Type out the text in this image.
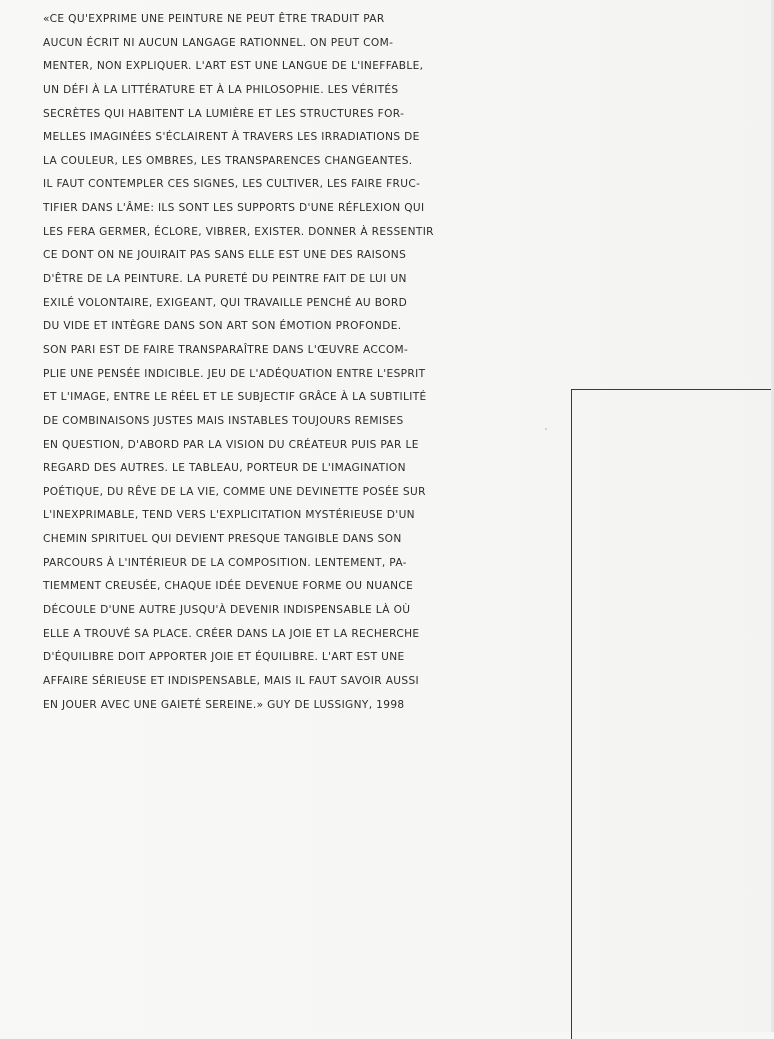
«CE QU'EXPRIME UNE PEINTURE NE PEUT ÊTRE TRADUIT PAR
AUCUN ÉCRIT NI AUCUN LANGAGE RATIONNEL. ON PEUT COM-
MENTER, NON EXPLIQUER. L'ART EST UNE LANGUE DE L'INEFFABLE,
UN DÉFI À LA LITTÉRATURE ET À LA PHILOSOPHIE. LES VÉRITÉS
SECRÈTES QUI HABITENT LA LUMIÈRE ET LES STRUCTURES FOR-
MELLES IMAGINÉES S'ÉCLAIRENT À TRAVERS LES IRRADIATIONS DE
LA COULEUR, LES OMBRES, LES TRANSPARENCES CHANGEANTES.
IL FAUT CONTEMPLER CES SIGNES, LES CULTIVER, LES FAIRE FRUC-
TIFIER DANS L'ÂME: ILS SONT LES SUPPORTS D'UNE RÉFLEXION QUI
LES FERA GERMER, ÉCLORE, VIBRER, EXISTER. DONNER À RESSENTIR
CE DONT ON NE JOUIRAIT PAS SANS ELLE EST UNE DES RAISONS
D'ÊTRE DE LA PEINTURE. LA PURETÉ DU PEINTRE FAIT DE LUI UN
EXILÉ VOLONTAIRE, EXIGEANT, QUI TRAVAILLE PENCHÉ AU BORD
DU VIDE ET INTÈGRE DANS SON ART SON ÉMOTION PROFONDE.
SON PARI EST DE FAIRE TRANSPARAÎTRE DANS L'ŒUVRE ACCOM-
PLIE UNE PENSÉE INDICIBLE. JEU DE L'ADÉQUATION ENTRE L'ESPRIT
ET L'IMAGE, ENTRE LE RÉEL ET LE SUBJECTIF GRÂCE À LA SUBTILITÉ
DE COMBINAISONS JUSTES MAIS INSTABLES TOUJOURS REMISES
EN QUESTION, D'ABORD PAR LA VISION DU CRÉATEUR PUIS PAR LE
REGARD DES AUTRES. LE TABLEAU, PORTEUR DE L'IMAGINATION
POÉTIQUE, DU RÊVE DE LA VIE, COMME UNE DEVINETTE POSÉE SUR
L'INEXPRIMABLE, TEND VERS L'EXPLICITATION MYSTÉRIEUSE D'UN
CHEMIN SPIRITUEL QUI DEVIENT PRESQUE TANGIBLE DANS SON
PARCOURS À L'INTÉRIEUR DE LA COMPOSITION. LENTEMENT, PA-
TIEMMENT CREUSÉE, CHAQUE IDÉE DEVENUE FORME OU NUANCE
DÉCOULE D'UNE AUTRE JUSQU'À DEVENIR INDISPENSABLE LÀ OÙ
ELLE A TROUVÉ SA PLACE. CRÉER DANS LA JOIE ET LA RECHERCHE
D'ÉQUILIBRE DOIT APPORTER JOIE ET ÉQUILIBRE. L'ART EST UNE
AFFAIRE SÉRIEUSE ET INDISPENSABLE, MAIS IL FAUT SAVOIR AUSSI
EN JOUER AVEC UNE GAIETÉ SEREINE.» GUY DE LUSSIGNY, 1998
